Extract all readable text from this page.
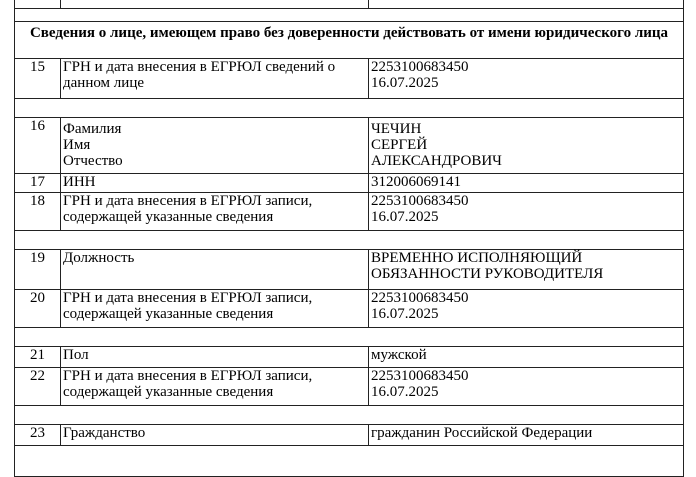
Сведения о лице, имеющем право без доверенности действовать от имени юридического лица		
15	ГРН и дата внесения в ЕГРЮЛ сведений о данном лице	2253100683450
16.07.2025

16	Фамилия
Имя
Отчество	ЧЕЧИН
СЕРГЕЙ
АЛЕКСАНДРОВИЧ

17	ИНН	312006069141
18	ГРН и дата внесения в ЕГРЮЛ записи, содержащей указанные сведения	2253100683450
16.07.2025

19	Должность	ВРЕМЕННО ИСПОЛНЯЮЩИЙ ОБЯЗАННОСТИ РУКОВОДИТЕЛЯ
20	ГРН и дата внесения в ЕГРЮЛ записи, содержащей указанные сведения	2253100683450
16.07.2025

21	Пол	мужской
22	ГРН и дата внесения в ЕГРЮЛ записи, содержащей указанные сведения	2253100683450
16.07.2025

23	Гражданство	гражданин Российской Федерации
